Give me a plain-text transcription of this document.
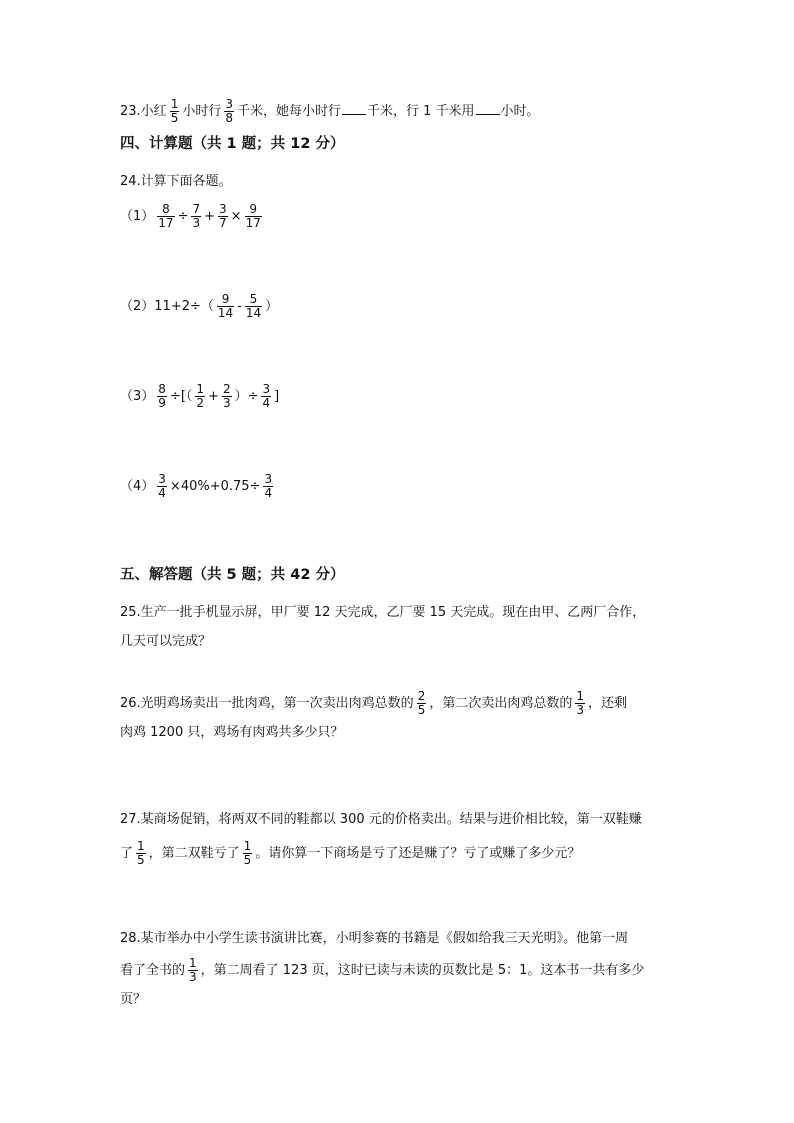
23.小红 $\frac{1}{5}$ 小时行 $\frac{3}{8}$ 千米，她每小时行 千米，行 1 千米用 小时。
四、计算题（共 1 题；共 12 分）
24.计算下面各题。
$(1) \frac{8}{17} \div \frac{7}{3} + \frac{3}{7} \times \frac{9}{17}$
$(2)11+2\div( \frac{9}{14} - \frac{5}{14}$ ）
$(3) \frac{8}{9}$ ÷[（ $\frac{1}{2} + \frac{2}{3}$ ）÷ $\frac{3}{4}$ ]
$(4) \frac{3}{4} \times 40\%+0.75\div \frac{3}{4}$
五、解答题（共 5 题；共 42 分）
25.生产一批手机显示屏，甲厂要 12 天完成，乙厂要 15 天完成。现在由甲、乙两厂合作，
几天可以完成？
26.光明鸡场卖出一批肉鸡，第一次卖出肉鸡总数的 $\frac{2}{5}$ ，第二次卖出肉鸡总数的 $\frac{1}{3}$ ，还剩
肉鸡 1200 只，鸡场有肉鸡共多少只？
27.某商场促销，将两双不同的鞋都以 300 元的价格卖出。结果与进价相比较，第一双鞋赚
了 $\frac{1}{5}$ ，第二双鞋亏了 $\frac{1}{5}$ 。请你算一下商场是亏了还是赚了？亏了或赚了多少元？
28.某市举办中小学生读书演讲比赛，小明参赛的书籍是《假如给我三天光明》。他第一周
看了全书的 $\frac{1}{3}$ ，第二周看了 123 页，这时已读与未读的页数比是 5：1。这本书一共有多少
页？
